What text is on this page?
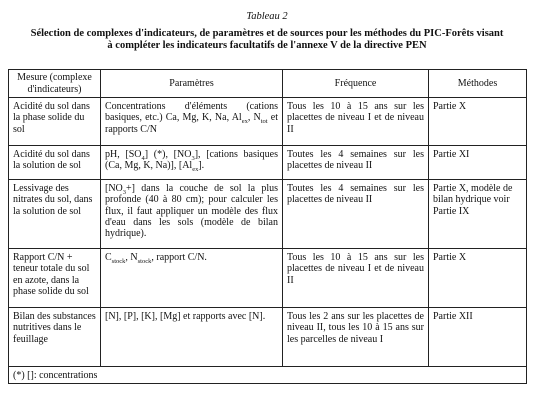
Tableau 2
Sélection de complexes d'indicateurs, de paramètres et de sources pour les méthodes du PIC-Forêts visant à compléter les indicateurs facultatifs de l'annexe V de la directive PEN
Mesure (complexe d'indicateurs)	Paramètres	Fréquence	Méthodes
Acidité du sol dans la phase solide du sol	Concentrations d'éléments (cations basiques, etc.) Ca, Mg, K, Na, $Al_{ex}$, $N_{tot}$ et rapports C/N	Tous les 10 à 15 ans sur les placettes de niveau I et de niveau II	Partie X
Acidité du sol dans la solution de sol	pH, $[SO_4]$ (*), $[NO_3]$, [cations basiques (Ca, Mg, K, Na)], $[Al_{ex}]$.	Toutes les 4 semaines sur les placettes de niveau II	Partie XI
Lessivage des nitrates du sol, dans la solution de sol	$[NO_3+]$ dans la couche de sol la plus profonde (40 à 80 cm); pour calculer les flux, il faut appliquer un modèle des flux d'eau dans les sols (modèle de bilan hydrique).	Toutes les 4 semaines sur les placettes de niveau II	Partie X, modèle de bilan hydrique voir Partie IX
Rapport C/N + teneur totale du sol en azote, dans la phase solide du sol	$C_{stock}$, $N_{stock}$, rapport C/N.	Tous les 10 à 15 ans sur les placettes de niveau I et de niveau II	Partie X
Bilan des substances nutritives dans le feuillage	[N], [P], [K], [Mg] et rapports avec [N].	Tous les 2 ans sur les placettes de niveau II, tous les 10 à 15 ans sur les parcelles de niveau I	Partie XII
(*) []: concentrations			
